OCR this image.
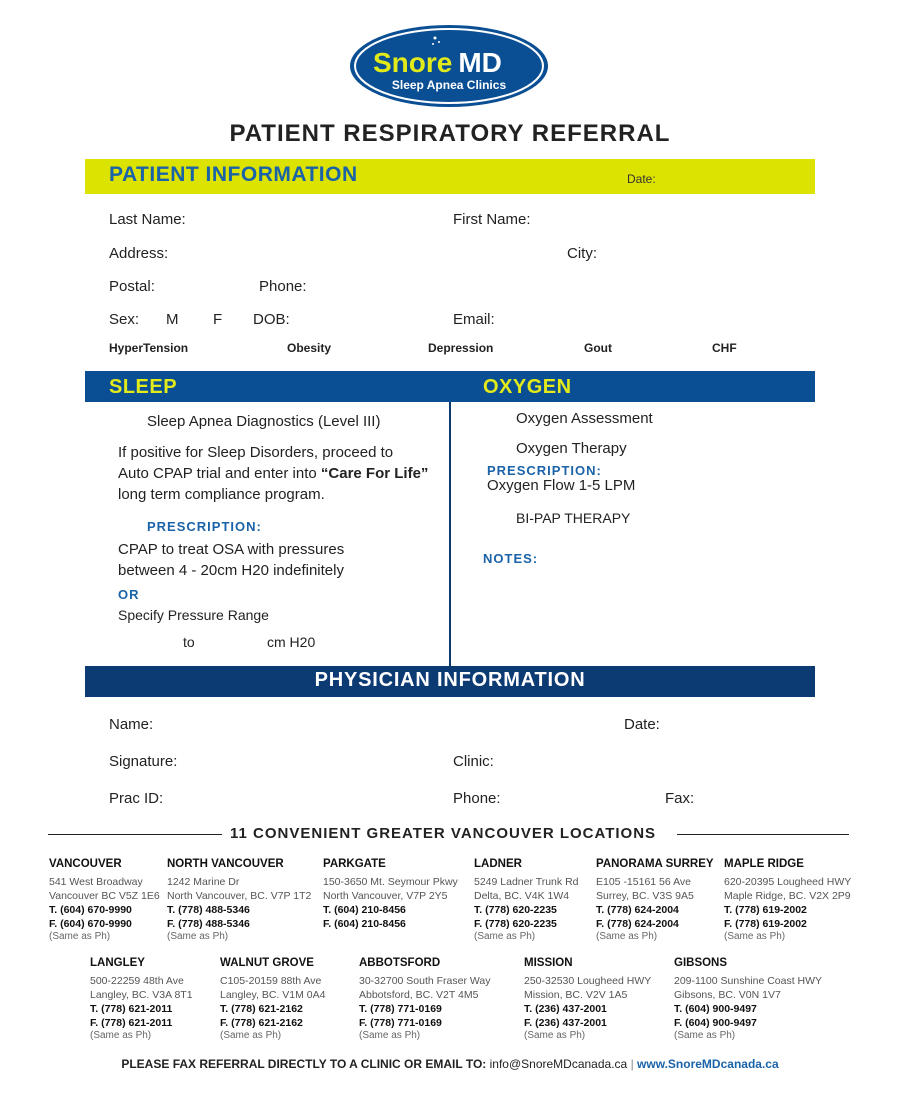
Snore MD
Sleep Apnea Clinics
PATIENT RESPIRATORY REFERRAL
PATIENT INFORMATION	Date:
Last Name:	First Name:
Address:	City:
Postal:	Phone:
Sex: M F DOB:	Email:
HyperTension	Obesity	Depression	Gout	CHF
SLEEP	OXYGEN
Sleep Apnea Diagnostics (Level III)
If positive for Sleep Disorders, proceed to
Auto CPAP trial and enter into “Care For Life”
long term compliance program.
PRESCRIPTION:
CPAP to treat OSA with pressures
between 4 - 20cm H20 indefinitely
OR
Specify Pressure Range
to	cm H20
Oxygen Assessment
Oxygen Therapy
PRESCRIPTION:
Oxygen Flow 1-5 LPM
BI-PAP THERAPY
NOTES:
PHYSICIAN INFORMATION
Name:	Date:
Signature:	Clinic:
Prac ID:	Phone:	Fax:
11 CONVENIENT GREATER VANCOUVER LOCATIONS
VANCOUVER
541 West Broadway
Vancouver BC V5Z 1E6
T. (604) 670-9990
F. (604) 670-9990
(Same as Ph)
NORTH VANCOUVER
1242 Marine Dr
North Vancouver, BC. V7P 1T2
T. (778) 488-5346
F. (778) 488-5346
(Same as Ph)
PARKGATE
150-3650 Mt. Seymour Pkwy
North Vancouver, V7P 2Y5
T. (604) 210-8456
F. (604) 210-8456
LADNER
5249 Ladner Trunk Rd
Delta, BC. V4K 1W4
T. (778) 620-2235
F. (778) 620-2235
(Same as Ph)
PANORAMA SURREY
E105 -15161 56 Ave
Surrey, BC. V3S 9A5
T. (778) 624-2004
F. (778) 624-2004
(Same as Ph)
MAPLE RIDGE
620-20395 Lougheed HWY
Maple Ridge, BC. V2X 2P9
T. (778) 619-2002
F. (778) 619-2002
(Same as Ph)
LANGLEY
500-22259 48th Ave
Langley, BC. V3A 8T1
T. (778) 621-2011
F. (778) 621-2011
(Same as Ph)
WALNUT GROVE
C105-20159 88th Ave
Langley, BC. V1M 0A4
T. (778) 621-2162
F. (778) 621-2162
(Same as Ph)
ABBOTSFORD
30-32700 South Fraser Way
Abbotsford, BC. V2T 4M5
T. (778) 771-0169
F. (778) 771-0169
(Same as Ph)
MISSION
250-32530 Lougheed HWY
Mission, BC. V2V 1A5
T. (236) 437-2001
F. (236) 437-2001
(Same as Ph)
GIBSONS
209-1100 Sunshine Coast HWY
Gibsons, BC. V0N 1V7
T. (604) 900-9497
F. (604) 900-9497
(Same as Ph)
PLEASE FAX REFERRAL DIRECTLY TO A CLINIC OR EMAIL TO: info@SnoreMDcanada.ca | www.SnoreMDcanada.ca
